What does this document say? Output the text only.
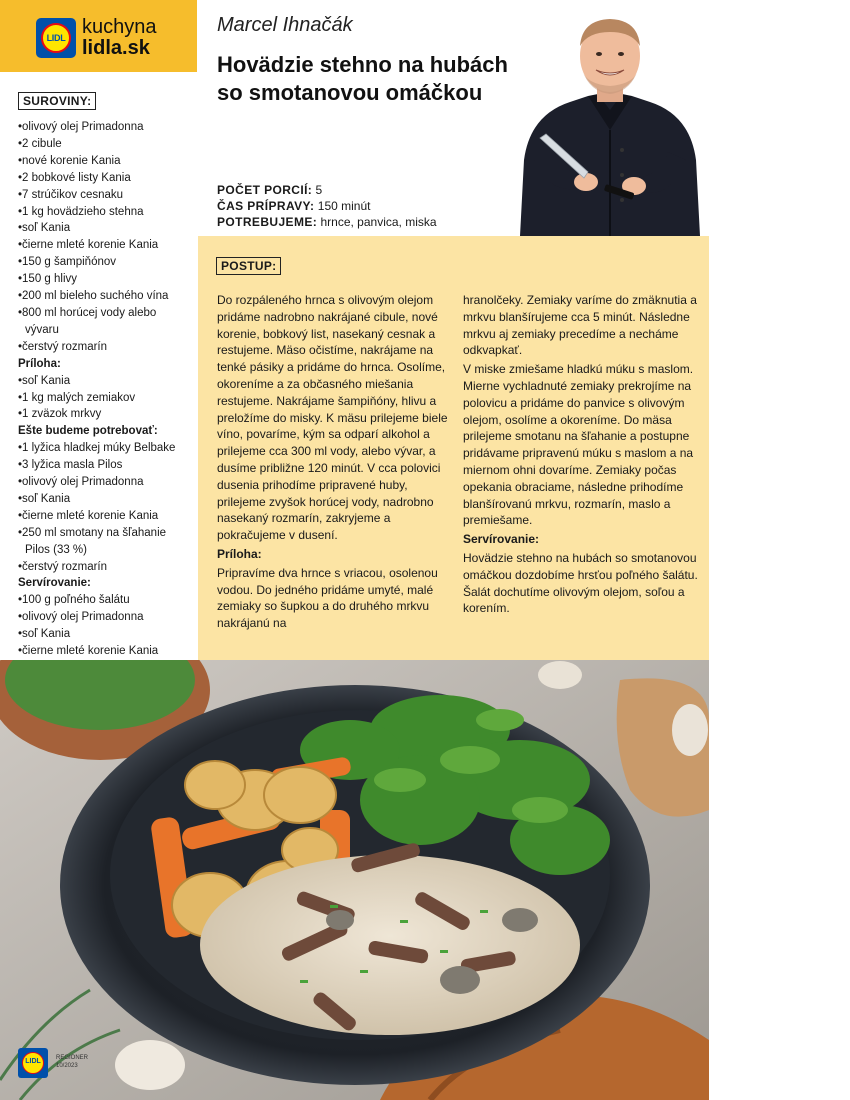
LIDL kuchyna
lidla.sk
SUROVINY:
• olivový olej Primadonna
• 2 cibule
• nové korenie Kania
• 2 bobkové listy Kania
• 7 strúčikov cesnaku
• 1 kg hovädzieho stehna
• soľ Kania
• čierne mleté korenie Kania
• 150 g šampiňónov
• 150 g hlivy
• 200 ml bieleho suchého vína
• 800 ml horúcej vody alebo
vývaru
• čerstvý rozmarín
Príloha:
• soľ Kania
• 1 kg malých zemiakov
• 1 zväzok mrkvy
Ešte budeme potrebovať:
• 1 lyžica hladkej múky Belbake
• 3 lyžica masla Pilos
• olivový olej Primadonna
• soľ Kania
• čierne mleté korenie Kania
• 250 ml smotany na šľahanie
Pilos (33 %)
• čerstvý rozmarín
Servírovanie:
• 100 g poľného šalátu
• olivový olej Primadonna
• soľ Kania
• čierne mleté korenie Kania
Marcel Ihnačák
Hovädzie stehno na hubách so smotanovou omáčkou
POČET PORCIÍ: 5
ČAS PRÍPRAVY: 150 minút
POTREBUJEME: hrnce, panvica, miska
POSTUP:

Do rozpáleného hrnca s olivovým olejom pridáme nadrobno nakrájané cibule, nové korenie, bobkový list, nasekaný cesnak a restujeme. Mäso očistíme, nakrájame na tenké pásiky a pridáme do hrnca. Osolíme, okoreníme a za občasného miešania restujeme. Nakrájame šampiňóny, hlivu a preložíme do misky. K mäsu prilejeme biele víno, povaríme, kým sa odparí alkohol a prilejeme cca 300 ml vody, alebo vývar, a dusíme približne 120 minút. V cca polovici dusenia prihodíme pripravené huby, prilejeme zvyšok horúcej vody, nadrobno nasekaný rozmarín, zakryjeme a pokračujeme v dusení.

Príloha:

Pripravíme dva hrnce s vriacou, osolenou vodou. Do jedného pridáme umyté, malé zemiaky so šupkou a do druhého mrkvu nakrájanú na

hranolčeky. Zemiaky varíme do zmäknutia a mrkvu blanšírujeme cca 5 minút. Následne mrkvu aj zemiaky precedíme a necháme odkvapkať.

V miske zmiešame hladkú múku s maslom. Mierne vychladnuté zemiaky prekrojíme na polovicu a pridáme do panvice s olivovým olejom, osolíme a okoreníme. Do mäsa prilejeme smotanu na šľahanie a postupne pridávame pripravenú múku s maslom a na miernom ohni dovaríme. Zemiaky počas opekania obraciame, následne prihodíme blanšírovanú mrkvu, rozmarín, maslo a premiešame.

Servírovanie:

Hovädzie stehno na hubách so smotanovou omáčkou dozdobíme hrsťou poľného šalátu. Šalát dochutíme olivovým olejom, soľou a korením.

LIDL	REGIONER
10/2023
